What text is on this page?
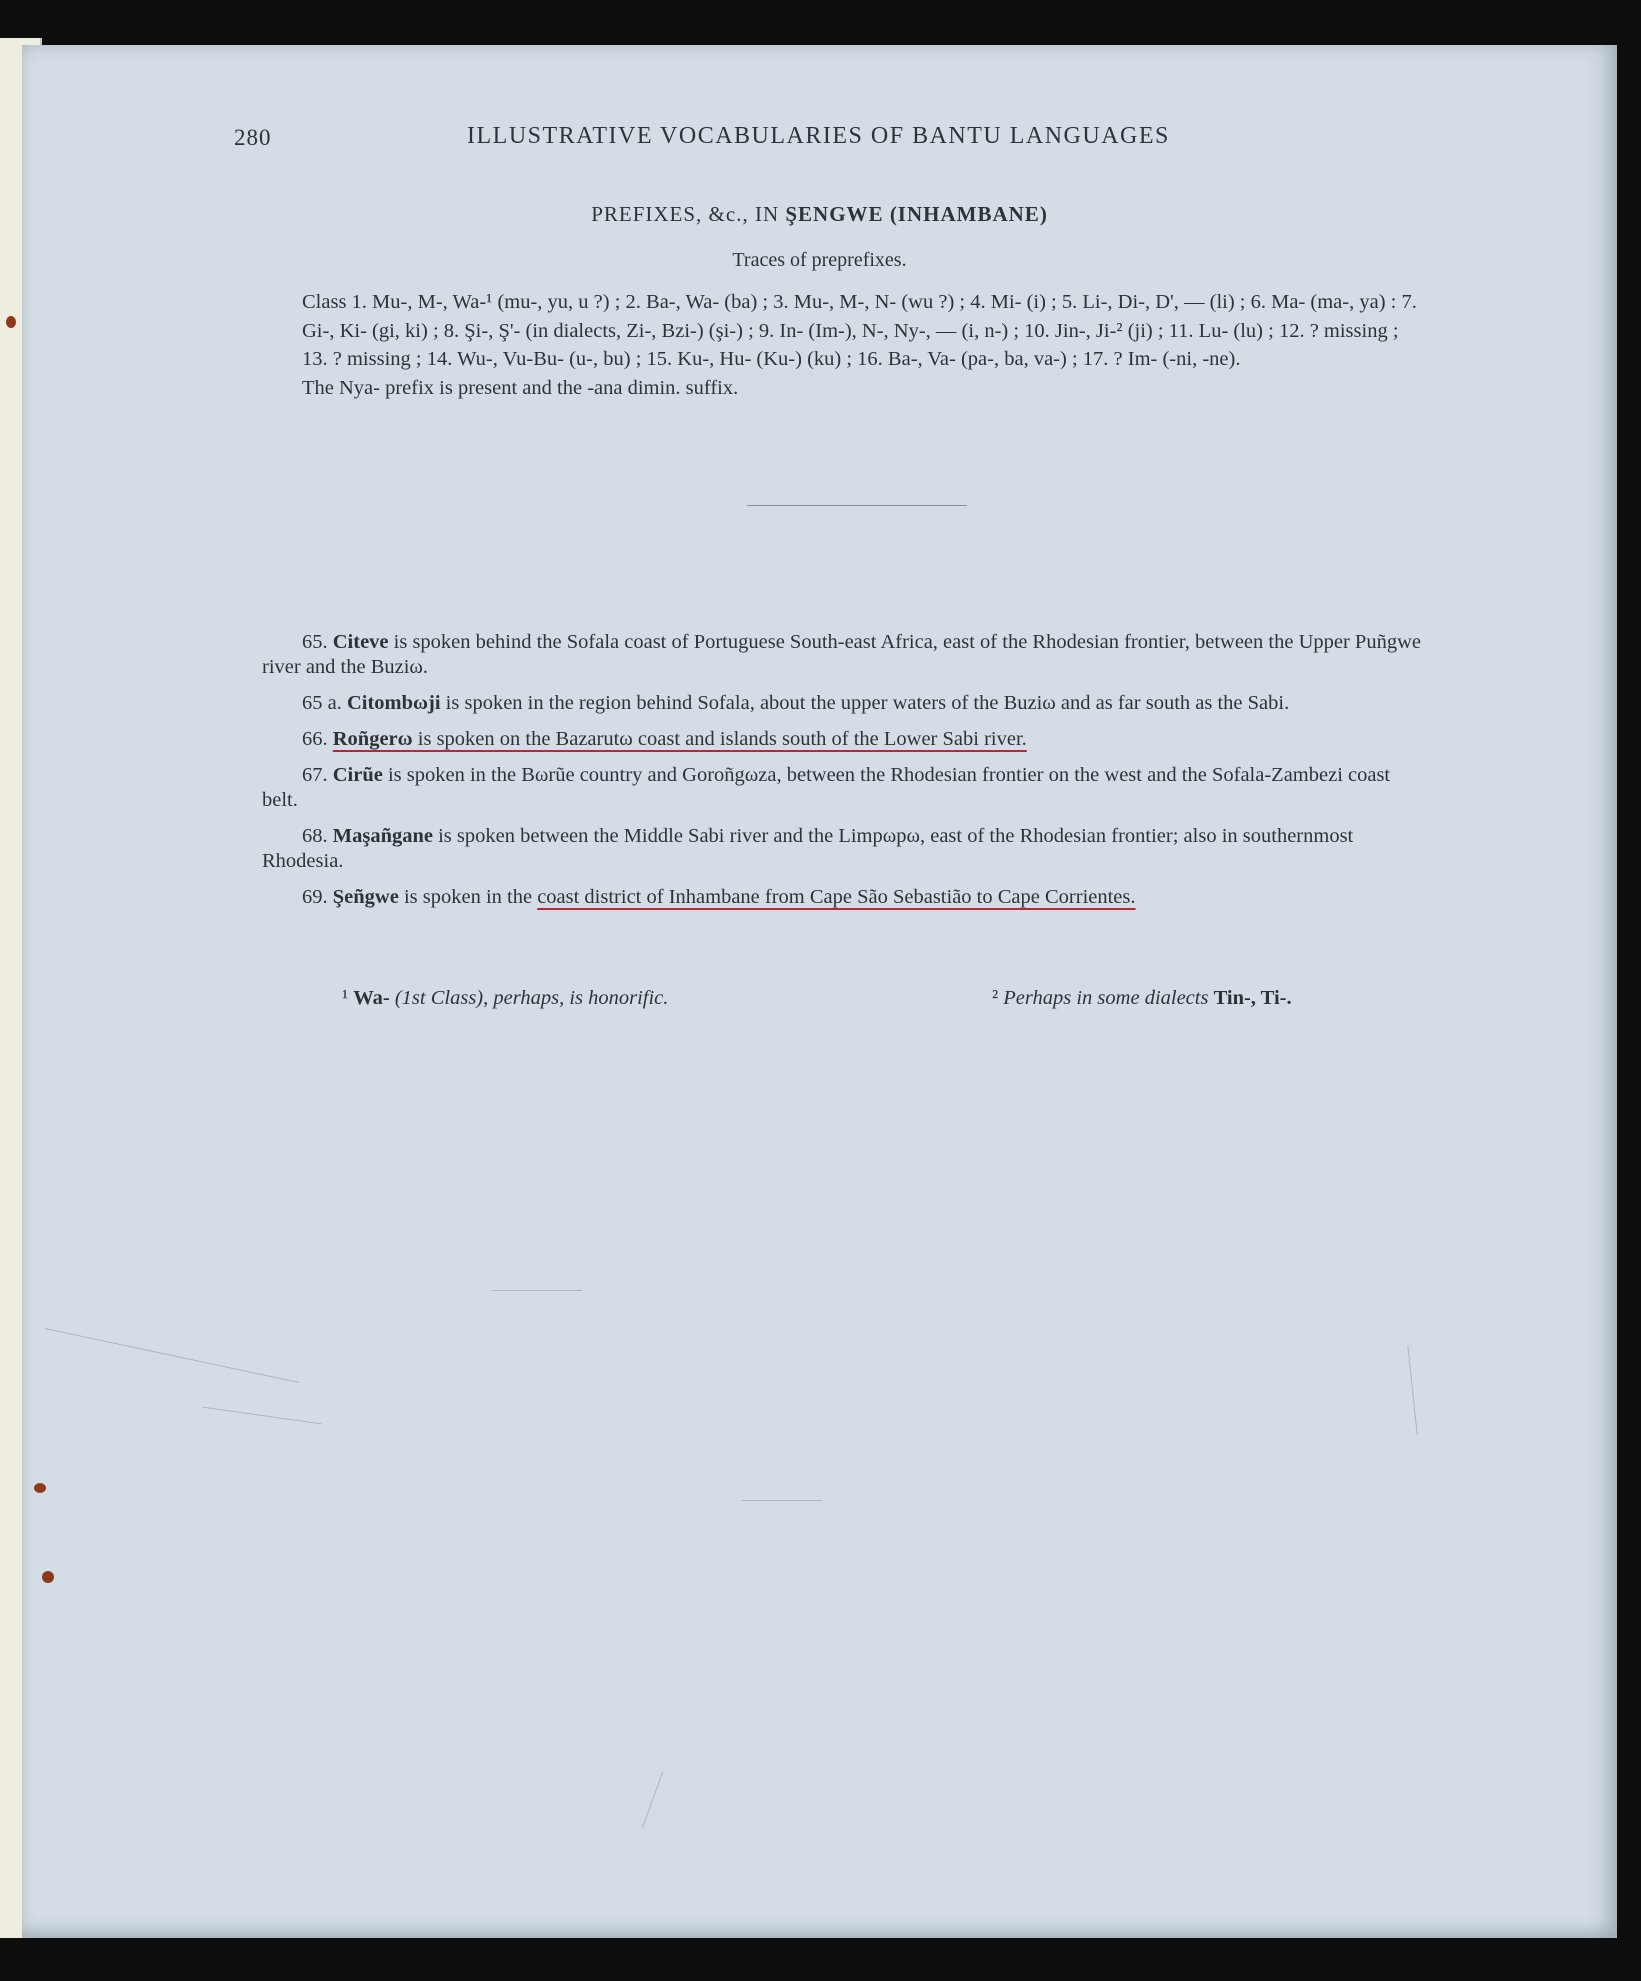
280	ILLUSTRATIVE VOCABULARIES OF BANTU LANGUAGES
PREFIXES, &c., IN ŞENGWE (INHAMBANE)
Traces of preprefixes.

Class 1. Mu-, M-, Wa-¹ (mu-, yu, u ?) ; 2. Ba-, Wa- (ba) ; 3. Mu-, M-, N- (wu ?) ; 4. Mi- (i) ; 5. Li-, Di-, D', — (li) ; 6. Ma- (ma-, ya) : 7. Gi-, Ki- (gi, ki) ; 8. Şi-, Ş'- (in dialects, Zi-, Bzi-) (şi-) ; 9. In- (Im-), N-, Ny-, — (i, n-) ; 10. Jin-, Ji-² (ji) ; 11. Lu- (lu) ; 12. ? missing ; 13. ? missing ; 14. Wu-, Vu-Bu- (u-, bu) ; 15. Ku-, Hu- (Ku-) (ku) ; 16. Ba-, Va- (pa-, ba, va-) ; 17. ? Im- (-ni, -ne).

The Nya- prefix is present and the -ana dimin. suffix.

65. Citeve is spoken behind the Sofala coast of Portuguese South-east Africa, east of the Rhodesian frontier, between the Upper Puñgwe river and the Buziω.

65 a. Citombωji is spoken in the region behind Sofala, about the upper waters of the Buziω and as far south as the Sabi.

66. Roñgerω is spoken on the Bazarutω coast and islands south of the Lower Sabi river.

67. Cirũe is spoken in the Bωrũe country and Goroñgωza, between the Rhodesian frontier on the west and the Sofala-Zambezi coast belt.

68. Maşañgane is spoken between the Middle Sabi river and the Limpωpω, east of the Rhodesian frontier; also in southernmost Rhodesia.

69. Şeñgwe is spoken in the coast district of Inhambane from Cape São Sebastião to Cape Corrientes.

¹ Wa- (1st Class), perhaps, is honorific.	² Perhaps in some dialects Tin-, Ti-.
